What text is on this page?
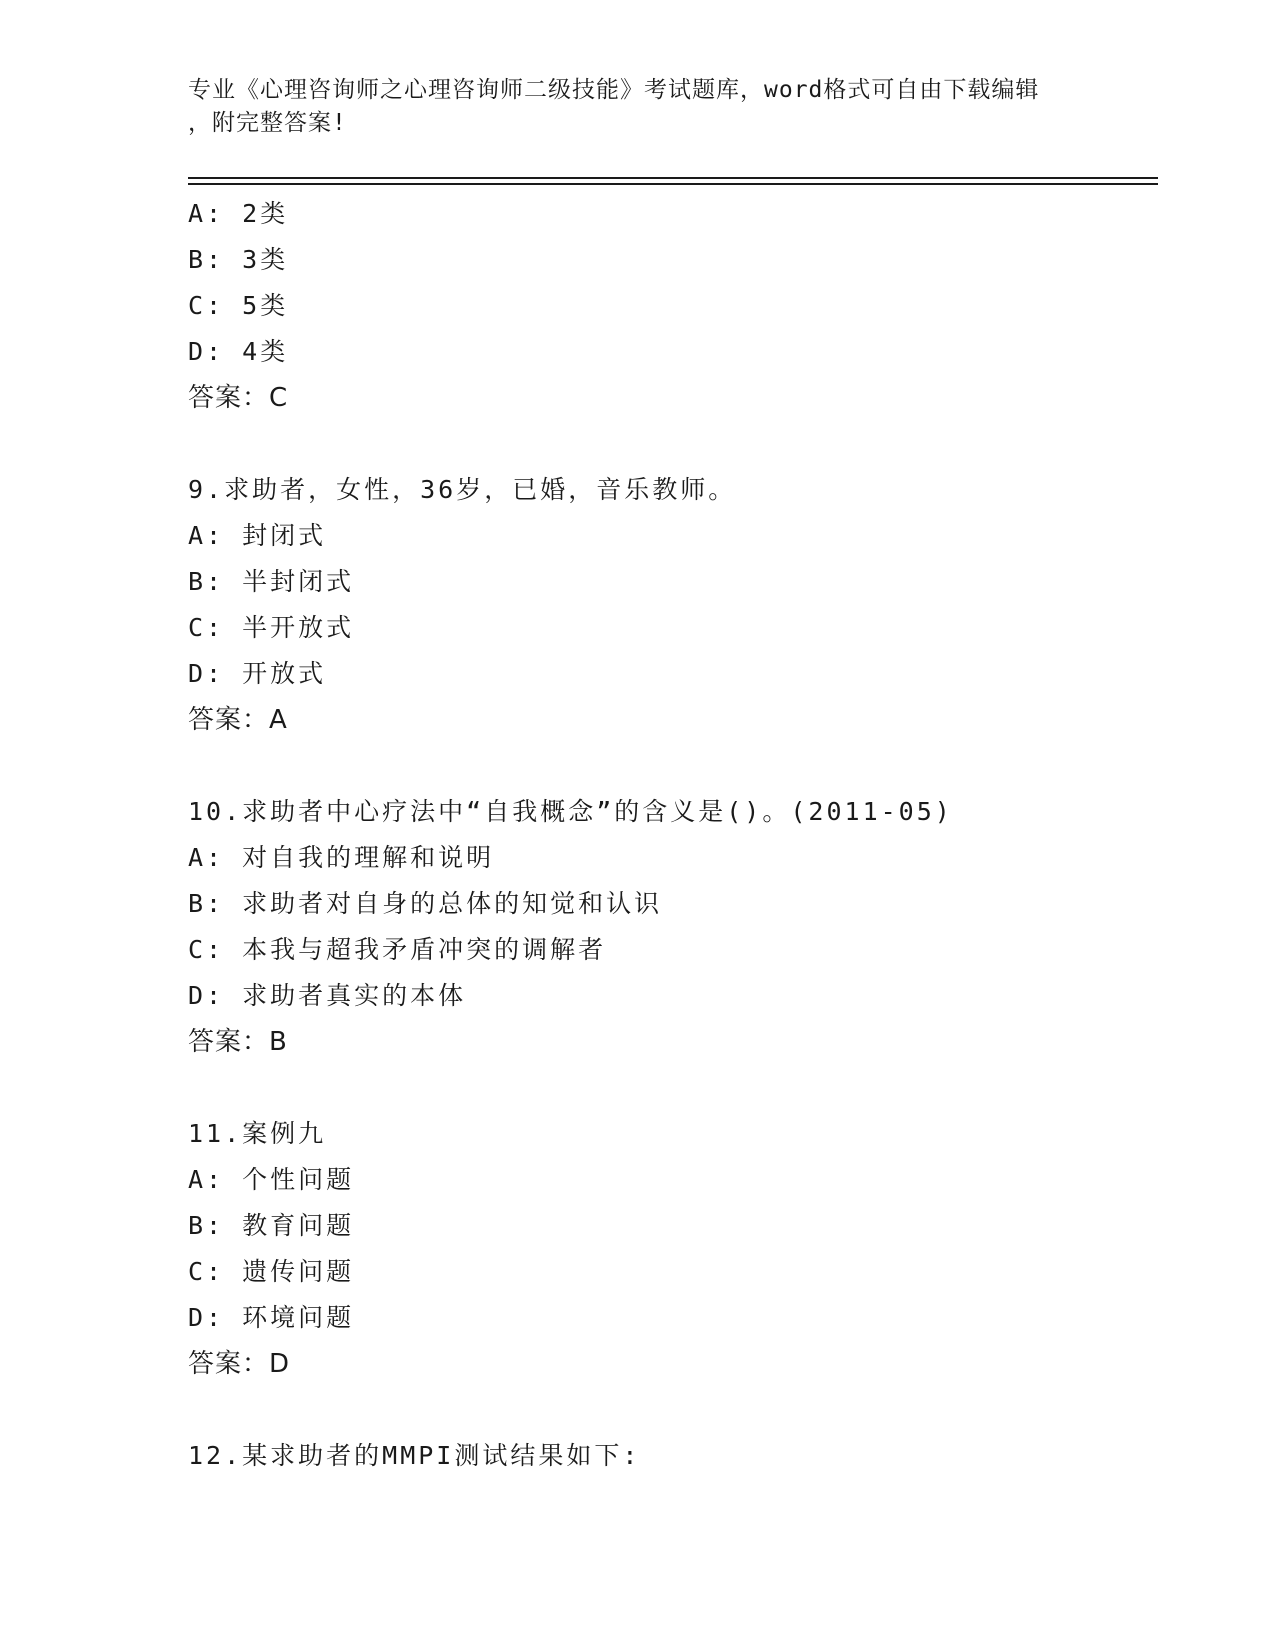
专业《心理咨询师之心理咨询师二级技能》考试题库，word格式可自由下载编辑
，附完整答案!
A: 2类
B: 3类
C: 5类
D: 4类
答案：C
9.求助者，女性，36岁，已婚，音乐教师。
A: 封闭式
B: 半封闭式
C: 半开放式
D: 开放式
答案：A
10.求助者中心疗法中“自我概念”的含义是()。(2011-05)
A: 对自我的理解和说明
B: 求助者对自身的总体的知觉和认识
C: 本我与超我矛盾冲突的调解者
D: 求助者真实的本体
答案：B
11.案例九
A: 个性问题
B: 教育问题
C: 遗传问题
D: 环境问题
答案：D
12.某求助者的MMPI测试结果如下:
